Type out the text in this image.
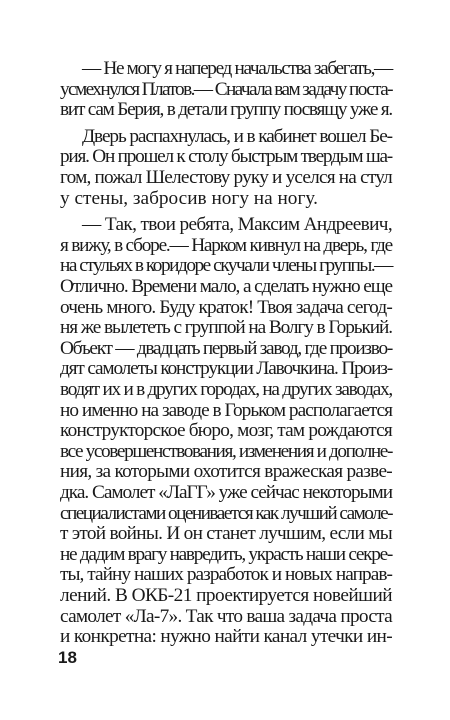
— Не могу я наперед начальства забегать,—
усмехнулся Платов.— Сначала вам задачу поста-
вит сам Берия, в детали группу посвящу уже я.
Дверь распахнулась, и в кабинет вошел Бе-
рия. Он прошел к столу быстрым твердым ша-
гом, пожал Шелестову руку и уселся на стул
у стены, забросив ногу на ногу.
— Так, твои ребята, Максим Андреевич,
я вижу, в сборе.— Нарком кивнул на дверь, где
на стульях в коридоре скучали члены группы.—
Отлично. Времени мало, а сделать нужно еще
очень много. Буду краток! Твоя задача сегод-
ня же вылететь с группой на Волгу в Горький.
Объект — двадцать первый завод, где произво-
дят самолеты конструкции Лавочкина. Произ-
водят их и в других городах, на других заводах,
но именно на заводе в Горьком располагается
конструкторское бюро, мозг, там рождаются
все усовершенствования, изменения и дополне-
ния, за которыми охотится вражеская разве-
дка. Самолет «ЛаГГ» уже сейчас некоторыми
специалистами оценивается как лучший самоле-
т этой войны. И он станет лучшим, если мы
не дадим врагу навредить, украсть наши секре-
ты, тайну наших разработок и новых направ-
лений. В ОКБ-21 проектируется новейший
самолет «Ла-7». Так что ваша задача проста
и конкретна: нужно найти канал утечки ин-
18
